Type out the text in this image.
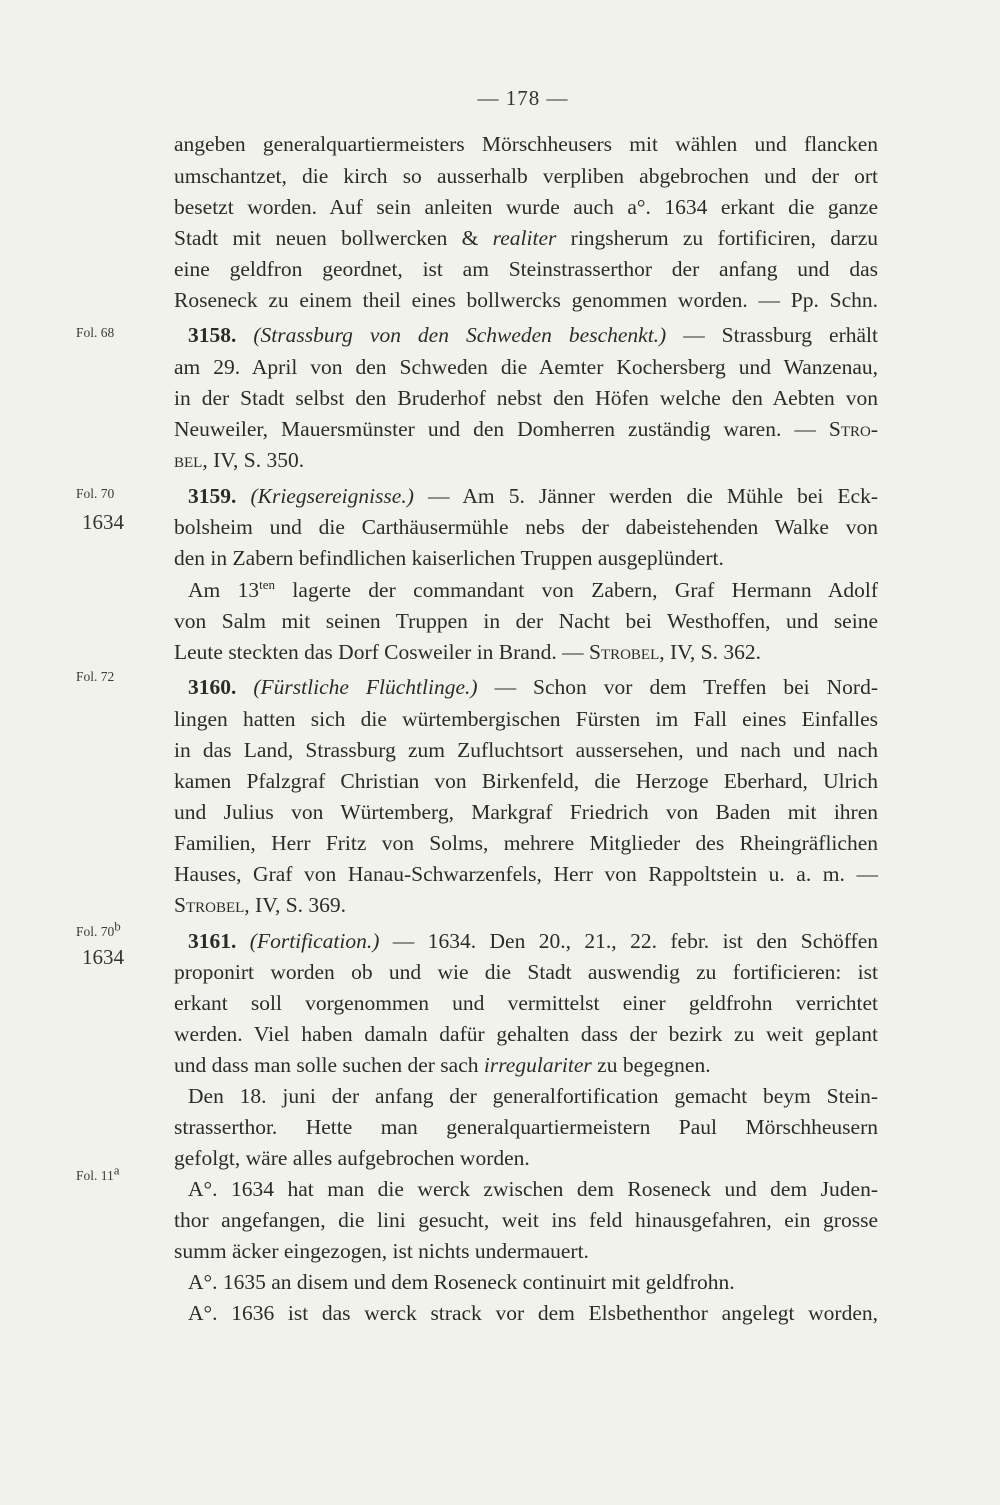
— 178 —
Fol. 68
Fol. 70
1634
Fol. 72
Fol. 70$^b$
1634
Fol. 11$^a$
angeben generalquartiermeisters Mörschheusers mit wählen und flancken
umschantzet, die kirch so ausserhalb verpliben abgebrochen und der ort
besetzt worden. Auf sein anleiten wurde auch a°. 1634 erkant die ganze
Stadt mit neuen bollwercken & realiter ringsherum zu fortificiren, darzu
eine geldfron geordnet, ist am Steinstrasserthor der anfang und das
Roseneck zu einem theil eines bollwercks genommen worden. — Pp. Schn.
3158. (Strassburg von den Schweden beschenkt.) — Strassburg erhält
am 29. April von den Schweden die Aemter Kochersberg und Wanzenau,
in der Stadt selbst den Bruderhof nebst den Höfen welche den Aebten von
Neuweiler, Mauersmünster und den Domherren zuständig waren. — Stro-
bel, IV, S. 350.
3159. (Kriegsereignisse.) — Am 5. Jänner werden die Mühle bei Eck-
bolsheim und die Carthäusermühle nebs der dabeistehenden Walke von
den in Zabern befindlichen kaiserlichen Truppen ausgeplündert.
Am $13^{ten}$ lagerte der commandant von Zabern, Graf Hermann Adolf
von Salm mit seinen Truppen in der Nacht bei Westhoffen, und seine
Leute steckten das Dorf Cosweiler in Brand. — Strobel, IV, S. 362.
3160. (Fürstliche Flüchtlinge.) — Schon vor dem Treffen bei Nord-
lingen hatten sich die würtembergischen Fürsten im Fall eines Einfalles
in das Land, Strassburg zum Zufluchtsort aussersehen, und nach und nach
kamen Pfalzgraf Christian von Birkenfeld, die Herzoge Eberhard, Ulrich
und Julius von Würtemberg, Markgraf Friedrich von Baden mit ihren
Familien, Herr Fritz von Solms, mehrere Mitglieder des Rheingräflichen
Hauses, Graf von Hanau-Schwarzenfels, Herr von Rappoltstein u. a. m. —
Strobel, IV, S. 369.
3161. (Fortification.) — 1634. Den 20., 21., 22. febr. ist den Schöffen
proponirt worden ob und wie die Stadt auswendig zu fortificieren: ist
erkant soll vorgenommen und vermittelst einer geldfrohn verrichtet
werden. Viel haben damaln dafür gehalten dass der bezirk zu weit geplant
und dass man solle suchen der sach irregulariter zu begegnen.
Den 18. juni der anfang der generalfortification gemacht beym Stein-
strasserthor. Hette man generalquartiermeistern Paul Mörschheusern
gefolgt, wäre alles aufgebrochen worden.
A°. 1634 hat man die werck zwischen dem Roseneck und dem Juden-
thor angefangen, die lini gesucht, weit ins feld hinausgefahren, ein grosse
summ äcker eingezogen, ist nichts undermauert.
A°. 1635 an disem und dem Roseneck continuirt mit geldfrohn.
A°. 1636 ist das werck strack vor dem Elsbethenthor angelegt worden,
